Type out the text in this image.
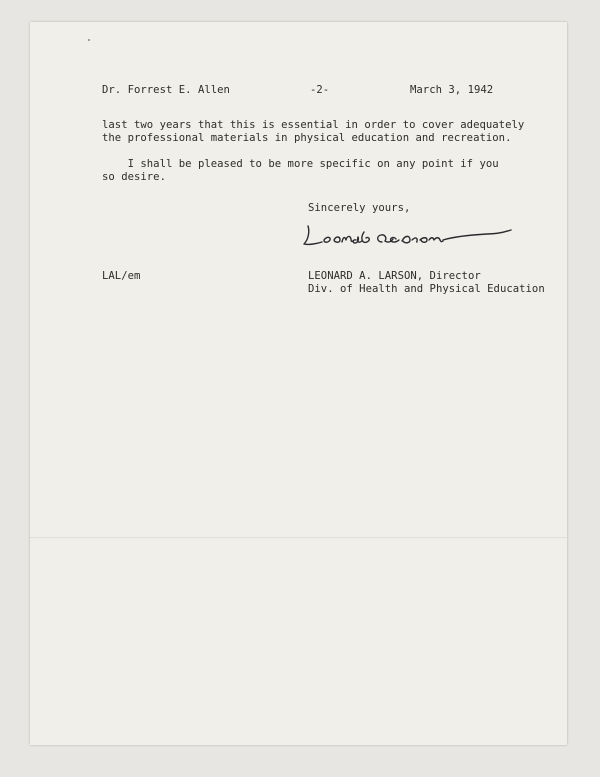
Dr. Forrest E. Allen	-2-	March 3, 1942

last two years that this is essential in order to cover adequately

the professional materials in physical education and recreation.

I shall be pleased to be more specific on any point if you

so desire.

Sincerely yours,

LAL/em	LEONARD A. LARSON, Director

Div. of Health and Physical Education
